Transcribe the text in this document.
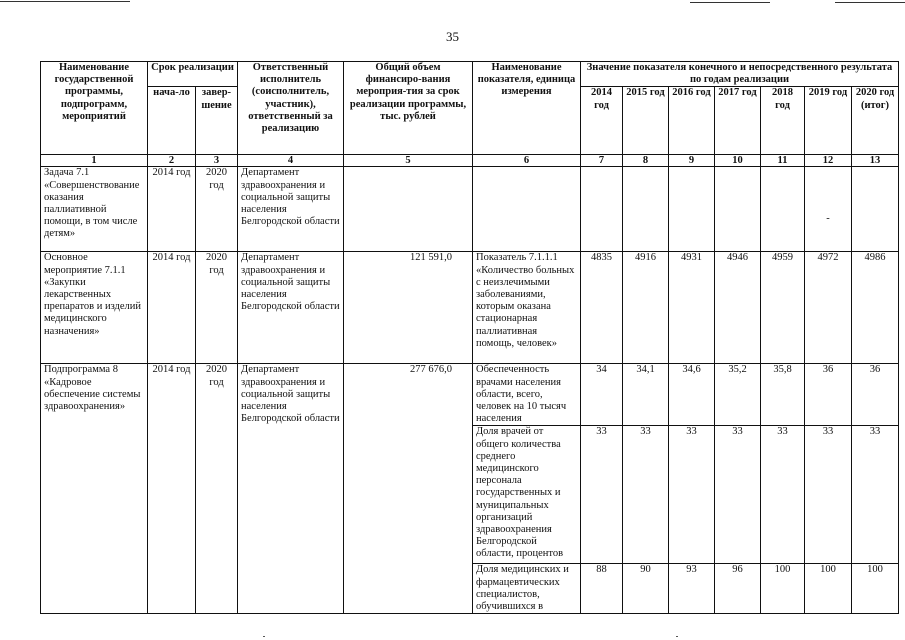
35
Наименование государственной программы, подпрограмм, мероприятий	Срок реализации		Ответственный исполнитель (соисполнитель, участник), ответственный за реализацию	Общий объем финансиро-вания мероприя-тия за срок реализации программы, тыс. рублей	Наименование показателя, единица измерения	Значение показателя конечного и непосредственного результата по годам реализации						
	нача-ло	завер-шение				2014 год	2015 год	2016 год	2017 год	2018 год	2019 год	2020 год (итог)
1	2	3	4	5	6	7	8	9	10	11	12	13
Задача 7.1 «Совершенствование оказания паллиативной помощи, в том числе детям»	2014 год	2020 год	Департамент здравоохранения и социальной защиты населения Белгородской области								-	
Основное мероприятие 7.1.1 «Закупки лекарственных препаратов и изделий медицинского назначения»	2014 год	2020 год	Департамент здравоохранения и социальной защиты населения Белгородской области	121 591,0	Показатель 7.1.1.1 «Количество больных с неизлечимыми заболеваниями, которым оказана стационарная паллиативная помощь, человек»	4835	4916	4931	4946	4959	4972	4986
Подпрограмма 8 «Кадровое обеспечение системы здравоохранения»	2014 год	2020 год	Департамент здравоохранения и социальной защиты населения Белгородской области	277 676,0	Обеспеченность врачами населения области, всего, человек на 10 тысяч населения	34	34,1	34,6	35,2	35,8	36	36
					Доля врачей от общего количества среднего медицинского персонала государственных и муниципальных организаций здравоохранения Белгородской области, процентов	33	33	33	33	33	33	33
					Доля медицинских и фармацевтических специалистов, обучившихся в	88	90	93	96	100	100	100
